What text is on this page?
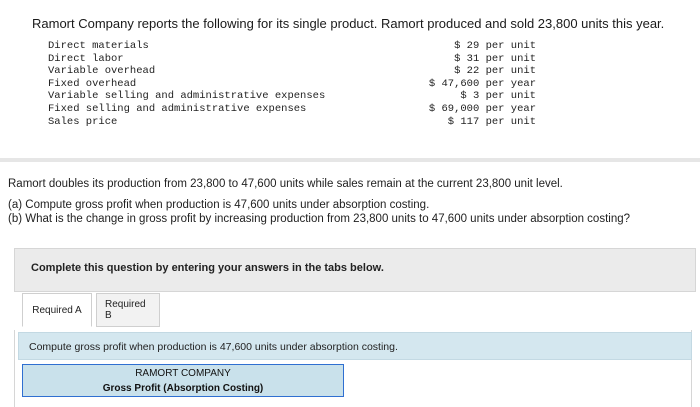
Ramort Company reports the following for its single product. Ramort produced and sold 23,800 units this year.
Direct materials	$ 29 per unit
Direct labor	$ 31 per unit
Variable overhead	$ 22 per unit
Fixed overhead	$ 47,600 per year
Variable selling and administrative expenses	$ 3 per unit
Fixed selling and administrative expenses	$ 69,000 per year
Sales price	$ 117 per unit
Ramort doubles its production from 23,800 to 47,600 units while sales remain at the current 23,800 unit level.
(a) Compute gross profit when production is 47,600 units under absorption costing.
(b) What is the change in gross profit by increasing production from 23,800 units to 47,600 units under absorption costing?
Complete this question by entering your answers in the tabs below.
Required A	Required B
Compute gross profit when production is 47,600 units under absorption costing.
RAMORT COMPANY
Gross Profit (Absorption Costing)
